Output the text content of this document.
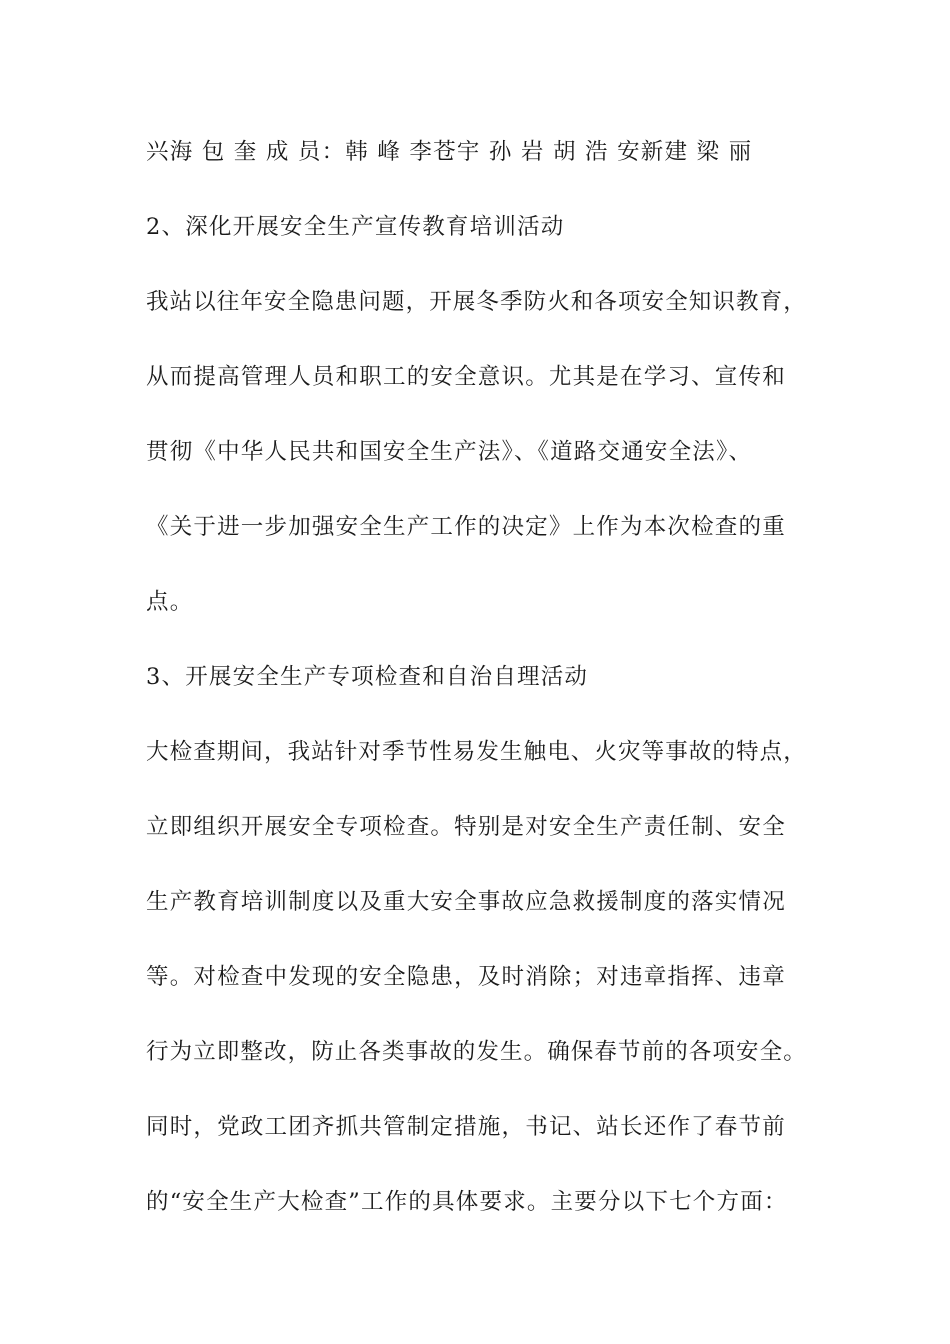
兴海 包 奎 成 员：韩 峰 李苍宇 孙 岩 胡 浩 安新建 梁 丽
2、深化开展安全生产宣传教育培训活动
我站以往年安全隐患问题，开展冬季防火和各项安全知识教育，
从而提高管理人员和职工的安全意识。尤其是在学习、宣传和
贯彻《中华人民共和国安全生产法》、《道路交通安全法》、
《关于进一步加强安全生产工作的决定》上作为本次检查的重
点。
3、开展安全生产专项检查和自治自理活动
大检查期间，我站针对季节性易发生触电、火灾等事故的特点，
立即组织开展安全专项检查。特别是对安全生产责任制、安全
生产教育培训制度以及重大安全事故应急救援制度的落实情况
等。对检查中发现的安全隐患，及时消除；对违章指挥、违章
行为立即整改，防止各类事故的发生。确保春节前的各项安全。
同时，党政工团齐抓共管制定措施，书记、站长还作了春节前
的“安全生产大检查”工作的具体要求。主要分以下七个方面：
